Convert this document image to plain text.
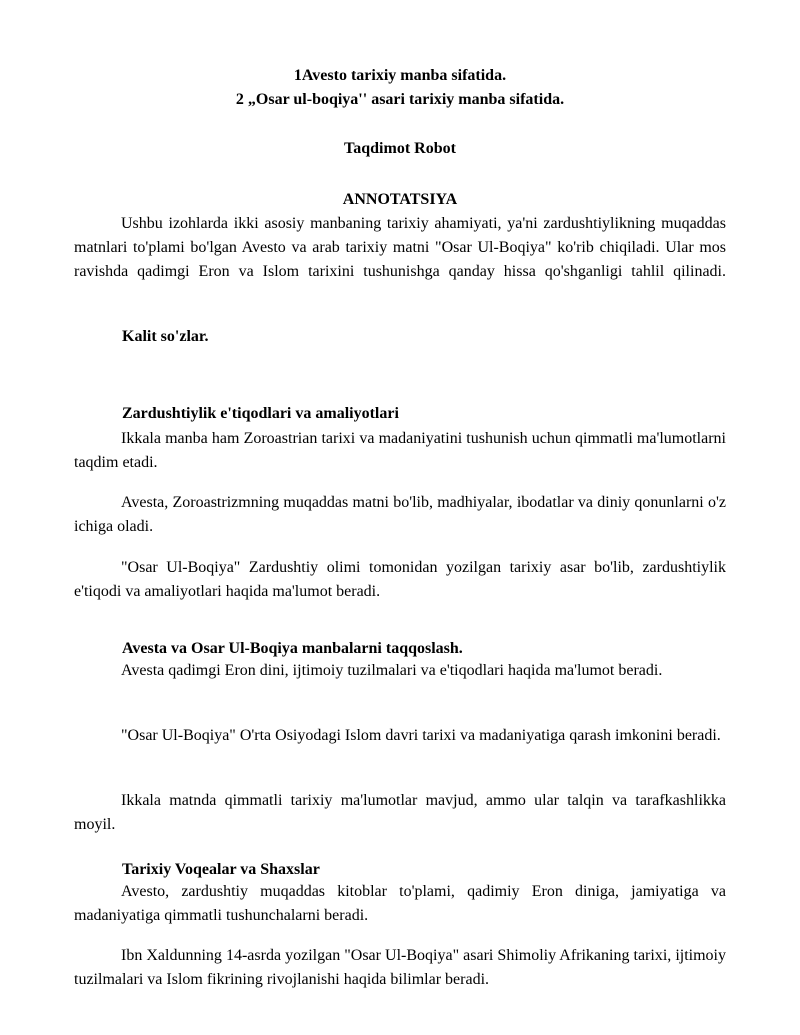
1Avesto tarixiy manba sifatida.

2 „Osar ul-boqiya'' asari tarixiy manba sifatida.

Taqdimot Robot

ANNOTATSIYA

Ushbu izohlarda ikki asosiy manbaning tarixiy ahamiyati, ya'ni zardushtiylikning muqaddas matnlari to'plami bo'lgan Avesto va arab tarixiy matni "Osar Ul-Boqiya" ko'rib chiqiladi. Ular mos ravishda qadimgi Eron va Islom tarixini tushunishga qanday hissa qo'shganligi tahlil qilinadi.

Kalit so'zlar.

Zardushtiylik e'tiqodlari va amaliyotlari

Ikkala manba ham Zoroastrian tarixi va madaniyatini tushunish uchun qimmatli ma'lumotlarni taqdim etadi.

Avesta, Zoroastrizmning muqaddas matni bo'lib, madhiyalar, ibodatlar va diniy qonunlarni o'z ichiga oladi.

"Osar Ul-Boqiya" Zardushtiy olimi tomonidan yozilgan tarixiy asar bo'lib, zardushtiylik e'tiqodi va amaliyotlari haqida ma'lumot beradi.

Avesta va Osar Ul-Boqiya manbalarni taqqoslash.

Avesta qadimgi Eron dini, ijtimoiy tuzilmalari va e'tiqodlari haqida ma'lumot beradi.

"Osar Ul-Boqiya" O'rta Osiyodagi Islom davri tarixi va madaniyatiga qarash imkonini beradi.

Ikkala matnda qimmatli tarixiy ma'lumotlar mavjud, ammo ular talqin va tarafkashlikka moyil.

Tarixiy Voqealar va Shaxslar

Avesto, zardushtiy muqaddas kitoblar to'plami, qadimiy Eron diniga, jamiyatiga va madaniyatiga qimmatli tushunchalarni beradi.

Ibn Xaldunning 14-asrda yozilgan "Osar Ul-Boqiya" asari Shimoliy Afrikaning tarixi, ijtimoiy tuzilmalari va Islom fikrining rivojlanishi haqida bilimlar beradi.
